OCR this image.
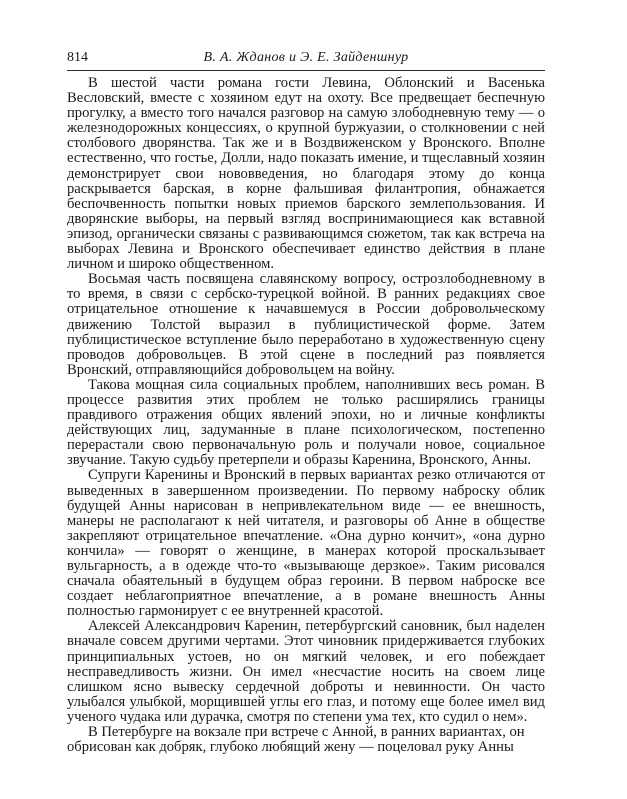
814	В. А. Жданов и Э. Е. Зайденшнур

В шестой части романа гости Левина, Облонский и Васенька Весловский, вместе с хозяином едут на охоту. Все предвещает беспечную прогулку, а вместо того начался разговор на самую злободневную тему — о железнодорожных концессиях, о крупной буржуазии, о столкновении с ней столбового дворянства. Так же и в Воздвиженском у Вронского. Вполне естественно, что гостье, Долли, надо показать имение, и тщеславный хозяин демонстрирует свои нововведения, но благодаря этому до конца раскрывается барская, в корне фальшивая филантропия, обнажается беспочвенность попытки новых приемов барского землепользования. И дворянские выборы, на первый взгляд воспринимающиеся как вставной эпизод, органически связаны с развивающимся сюжетом, так как встреча на выборах Левина и Вронского обеспечивает единство действия в плане личном и широко общественном.

Восьмая часть посвящена славянскому вопросу, острозлободневному в то время, в связи с сербско-турецкой войной. В ранних редакциях свое отрицательное отношение к начавшемуся в России добровольческому движению Толстой выразил в публицистической форме. Затем публицистическое вступление было переработано в художественную сцену проводов добровольцев. В этой сцене в последний раз появляется Вронский, отправляющийся добровольцем на войну.

Такова мощная сила социальных проблем, наполнивших весь роман. В процессе развития этих проблем не только расширялись границы правдивого отражения общих явлений эпохи, но и личные конфликты действующих лиц, задуманные в плане психологическом, постепенно перерастали свою первоначальную роль и получали новое, социальное звучание. Такую судьбу претерпели и образы Каренина, Вронского, Анны.

Супруги Каренины и Вронский в первых вариантах резко отличаются от выведенных в завершенном произведении. По первому наброску облик будущей Анны нарисован в непривлекательном виде — ее внешность, манеры не располагают к ней читателя, и разговоры об Анне в обществе закрепляют отрицательное впечатление. «Она дурно кончит», «она дурно кончила» — говорят о женщине, в манерах которой проскальзывает вульгарность, а в одежде что-то «вызывающе дерзкое». Таким рисовался сначала обаятельный в будущем образ героини. В первом наброске все создает неблагоприятное впечатление, а в романе внешность Анны полностью гармонирует с ее внутренней красотой.

Алексей Александрович Каренин, петербургский сановник, был наделен вначале совсем другими чертами. Этот чиновник придерживается глубоких принципиальных устоев, но он мягкий человек, и его побеждает несправедливость жизни. Он имел «несчастие носить на своем лице слишком ясно вывеску сердечной доброты и невинности. Он часто улыбался улыбкой, морщившей углы его глаз, и потому еще более имел вид ученого чудака или дурачка, смотря по степени ума тех, кто судил о нем».

В Петербурге на вокзале при встрече с Анной, в ранних вариантах, он обрисован как добряк, глубоко любящий жену — поцеловал руку Анны
